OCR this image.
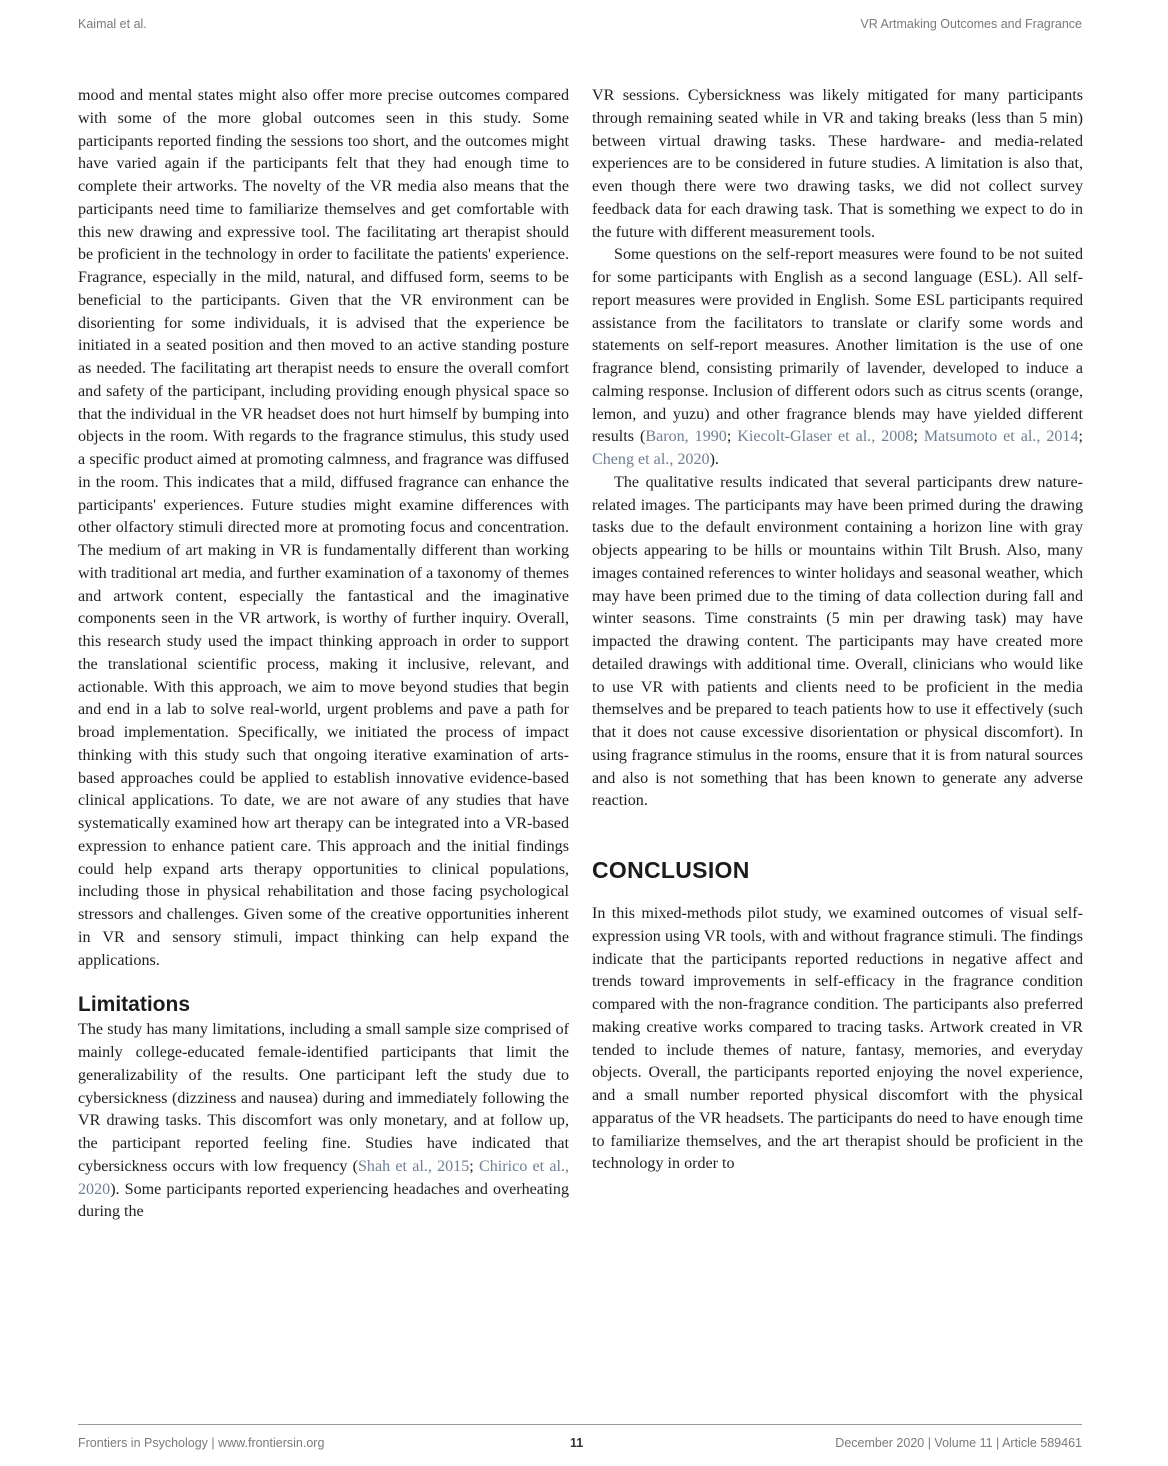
Kaimal et al.	VR Artmaking Outcomes and Fragrance

mood and mental states might also offer more precise outcomes compared with some of the more global outcomes seen in this study. Some participants reported finding the sessions too short, and the outcomes might have varied again if the participants felt that they had enough time to complete their artworks. The novelty of the VR media also means that the participants need time to familiarize themselves and get comfortable with this new drawing and expressive tool. The facilitating art therapist should be proficient in the technology in order to facilitate the patients' experience. Fragrance, especially in the mild, natural, and diffused form, seems to be beneficial to the participants. Given that the VR environment can be disorienting for some individuals, it is advised that the experience be initiated in a seated position and then moved to an active standing posture as needed. The facilitating art therapist needs to ensure the overall comfort and safety of the participant, including providing enough physical space so that the individual in the VR headset does not hurt himself by bumping into objects in the room. With regards to the fragrance stimulus, this study used a specific product aimed at promoting calmness, and fragrance was diffused in the room. This indicates that a mild, diffused fragrance can enhance the participants' experiences. Future studies might examine differences with other olfactory stimuli directed more at promoting focus and concentration. The medium of art making in VR is fundamentally different than working with traditional art media, and further examination of a taxonomy of themes and artwork content, especially the fantastical and the imaginative components seen in the VR artwork, is worthy of further inquiry. Overall, this research study used the impact thinking approach in order to support the translational scientific process, making it inclusive, relevant, and actionable. With this approach, we aim to move beyond studies that begin and end in a lab to solve real-world, urgent problems and pave a path for broad implementation. Specifically, we initiated the process of impact thinking with this study such that ongoing iterative examination of arts-based approaches could be applied to establish innovative evidence-based clinical applications. To date, we are not aware of any studies that have systematically examined how art therapy can be integrated into a VR-based expression to enhance patient care. This approach and the initial findings could help expand arts therapy opportunities to clinical populations, including those in physical rehabilitation and those facing psychological stressors and challenges. Given some of the creative opportunities inherent in VR and sensory stimuli, impact thinking can help expand the applications.

Limitations

The study has many limitations, including a small sample size comprised of mainly college-educated female-identified participants that limit the generalizability of the results. One participant left the study due to cybersickness (dizziness and nausea) during and immediately following the VR drawing tasks. This discomfort was only monetary, and at follow up, the participant reported feeling fine. Studies have indicated that cybersickness occurs with low frequency (Shah et al., 2015; Chirico et al., 2020). Some participants reported experiencing headaches and overheating during the

VR sessions. Cybersickness was likely mitigated for many participants through remaining seated while in VR and taking breaks (less than 5 min) between virtual drawing tasks. These hardware- and media-related experiences are to be considered in future studies. A limitation is also that, even though there were two drawing tasks, we did not collect survey feedback data for each drawing task. That is something we expect to do in the future with different measurement tools.

Some questions on the self-report measures were found to be not suited for some participants with English as a second language (ESL). All self-report measures were provided in English. Some ESL participants required assistance from the facilitators to translate or clarify some words and statements on self-report measures. Another limitation is the use of one fragrance blend, consisting primarily of lavender, developed to induce a calming response. Inclusion of different odors such as citrus scents (orange, lemon, and yuzu) and other fragrance blends may have yielded different results (Baron, 1990; Kiecolt-Glaser et al., 2008; Matsumoto et al., 2014; Cheng et al., 2020).

The qualitative results indicated that several participants drew nature-related images. The participants may have been primed during the drawing tasks due to the default environment containing a horizon line with gray objects appearing to be hills or mountains within Tilt Brush. Also, many images contained references to winter holidays and seasonal weather, which may have been primed due to the timing of data collection during fall and winter seasons. Time constraints (5 min per drawing task) may have impacted the drawing content. The participants may have created more detailed drawings with additional time. Overall, clinicians who would like to use VR with patients and clients need to be proficient in the media themselves and be prepared to teach patients how to use it effectively (such that it does not cause excessive disorientation or physical discomfort). In using fragrance stimulus in the rooms, ensure that it is from natural sources and also is not something that has been known to generate any adverse reaction.

CONCLUSION

In this mixed-methods pilot study, we examined outcomes of visual self-expression using VR tools, with and without fragrance stimuli. The findings indicate that the participants reported reductions in negative affect and trends toward improvements in self-efficacy in the fragrance condition compared with the non-fragrance condition. The participants also preferred making creative works compared to tracing tasks. Artwork created in VR tended to include themes of nature, fantasy, memories, and everyday objects. Overall, the participants reported enjoying the novel experience, and a small number reported physical discomfort with the physical apparatus of the VR headsets. The participants do need to have enough time to familiarize themselves, and the art therapist should be proficient in the technology in order to

Frontiers in Psychology | www.frontiersin.org	11	December 2020 | Volume 11 | Article 589461
